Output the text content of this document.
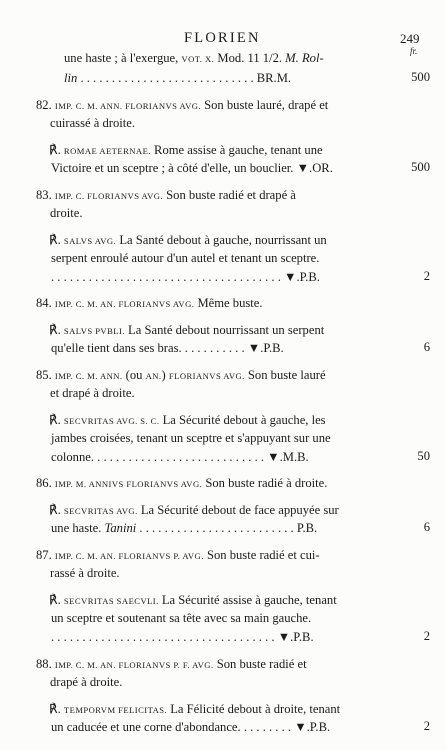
FLORIEN	249
fr.
une haste ; à l'exergue, VOT. X. Mod. 11 1/2. M. Rol-
lin . . . . . . . . . . . . . . . . . . . . . . . . . . . . BR.M.	500
82. IMP. C. M. ANN. FLORIANVS AVG. Son buste lauré, drapé et
cuirassé à droite.
℟. ROMAE AETERNAE. Rome assise à gauche, tenant une
Victoire et un sceptre ; à côté d'elle, un bouclier. ▼.OR.	500
83. IMP. C. FLORIANVS AVG. Son buste radié et drapé à
droite.
℟. SALVS AVG. La Santé debout à gauche, nourrissant un
serpent enroulé autour d'un autel et tenant un sceptre.
. . . . . . . . . . . . . . . . . . . . . . . . . . . . . . . . . . . . . ▼.P.B.	2
84. IMP. C. M. AN. FLORIANVS AVG. Même buste.
℟. SALVS PVBLI. La Santé debout nourrissant un serpent
qu'elle tient dans ses bras. . . . . . . . . . . ▼.P.B.	6
85. IMP. C. M. ANN. (ou AN.) FLORIANVS AVG. Son buste lauré
et drapé à droite.
℟. SECVRITAS AVG. S. C. La Sécurité debout à gauche, les
jambes croisées, tenant un sceptre et s'appuyant sur une
colonne. . . . . . . . . . . . . . . . . . . . . . . . . . . . ▼.M.B.	50
86. IMP. M. ANNIVS FLORIANVS AVG. Son buste radié à droite.
℟. SECVRITAS AVG. La Sécurité debout de face appuyée sur
une haste. Tanini . . . . . . . . . . . . . . . . . . . . . . . . . P.B.	6
87. IMP. C. M. AN. FLORIANVS P. AVG. Son buste radié et cui-
rassé à droite.
℟. SECVRITAS SAECVLI. La Sécurité assise à gauche, tenant
un sceptre et soutenant sa tête avec sa main gauche.
. . . . . . . . . . . . . . . . . . . . . . . . . . . . . . . . . . . . ▼.P.B.	2
88. IMP. C. M. AN. FLORIANVS P. F. AVG. Son buste radié et
drapé à droite.
℟. TEMPORVM FELICITAS. La Félicité debout à droite, tenant
un caducée et une corne d'abondance. . . . . . . . . ▼.P.B.	2
